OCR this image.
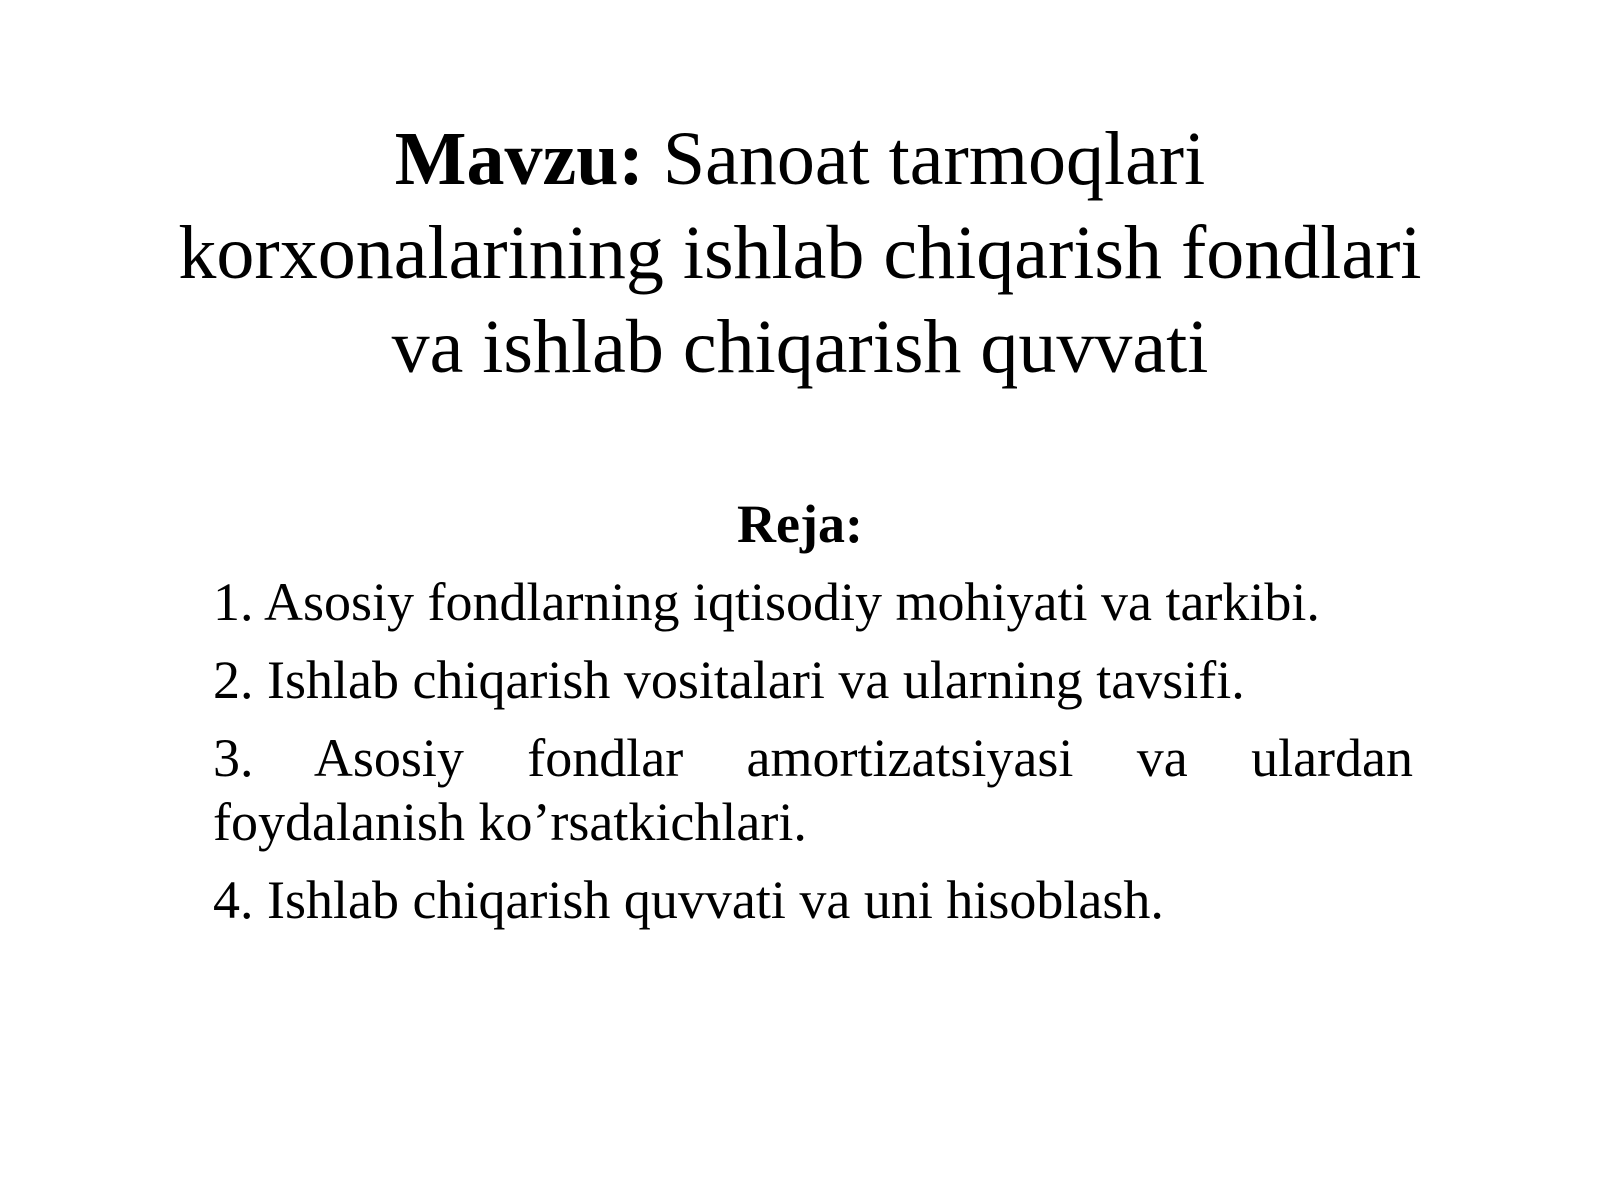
Mavzu: Sanoat tarmoqlari
korxonalarining ishlab chiqarish fondlari
va ishlab chiqarish quvvati
Reja:
1. Asosiy fondlarning iqtisodiy mohiyati va tarkibi.
2. Ishlab chiqarish vositalari va ularning tavsifi.
3. Asosiy fondlar amortizatsiyasi va ulardan foydalanish ko’rsatkichlari.
4. Ishlab chiqarish quvvati va uni hisoblash.
